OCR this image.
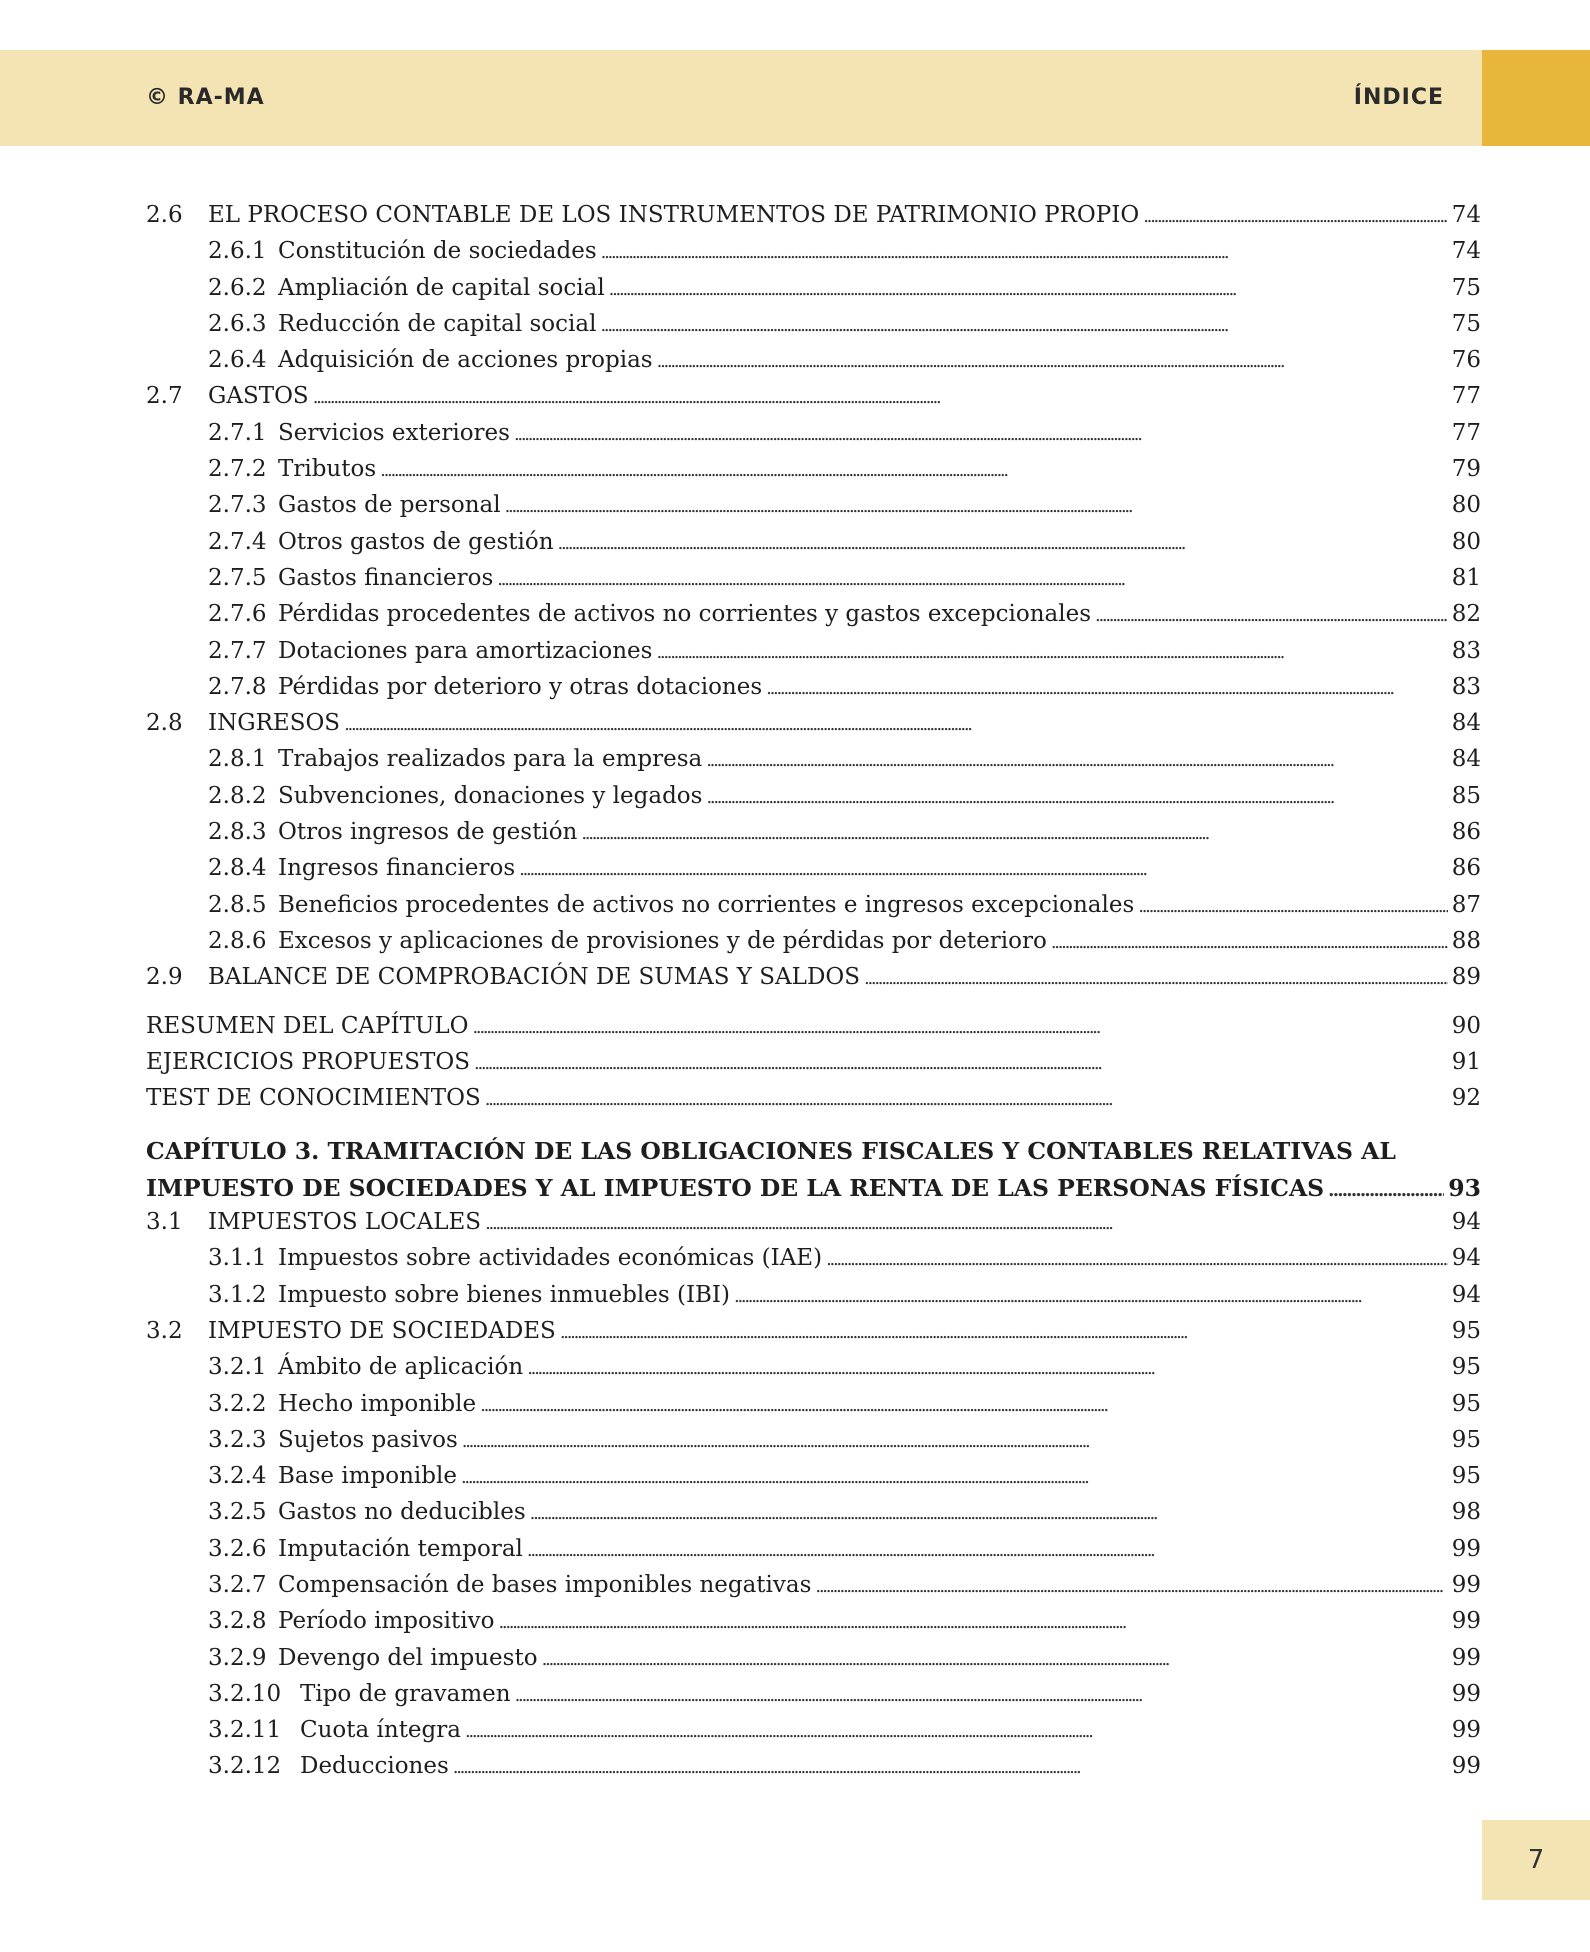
© RA-MA	ÍNDICE
2.6	EL PROCESO CONTABLE DE LOS INSTRUMENTOS DE PATRIMONIO PROPIO . . .	74
2.6.1 Constitución de sociedades . . .	74
2.6.2 Ampliación de capital social . . .	75
2.6.3 Reducción de capital social . . .	75
2.6.4 Adquisición de acciones propias . . .	76
2.7	GASTOS . . .	77
2.7.1 Servicios exteriores . . .	77
2.7.2 Tributos . . .	79
2.7.3 Gastos de personal . . .	80
2.7.4 Otros gastos de gestión . . .	80
2.7.5 Gastos financieros . . .	81
2.7.6 Pérdidas procedentes de activos no corrientes y gastos excepcionales . . .	82
2.7.7 Dotaciones para amortizaciones . . .	83
2.7.8 Pérdidas por deterioro y otras dotaciones . . .	83
2.8	INGRESOS . . .	84
2.8.1 Trabajos realizados para la empresa . . .	84
2.8.2 Subvenciones, donaciones y legados . . .	85
2.8.3 Otros ingresos de gestión . . .	86
2.8.4 Ingresos financieros . . .	86
2.8.5 Beneficios procedentes de activos no corrientes e ingresos excepcionales . . .	87
2.8.6 Excesos y aplicaciones de provisiones y de pérdidas por deterioro . . .	88
2.9	BALANCE DE COMPROBACIÓN DE SUMAS Y SALDOS . . .	89
RESUMEN DEL CAPÍTULO . . .	90
EJERCICIOS PROPUESTOS . . .	91
TEST DE CONOCIMIENTOS . . .	92
CAPÍTULO 3. TRAMITACIÓN DE LAS OBLIGACIONES FISCALES Y CONTABLES RELATIVAS AL
IMPUESTO DE SOCIEDADES Y AL IMPUESTO DE LA RENTA DE LAS PERSONAS FÍSICAS . . .	93
3.1	IMPUESTOS LOCALES . . .	94
3.1.1 Impuestos sobre actividades económicas (IAE) . . .	94
3.1.2 Impuesto sobre bienes inmuebles (IBI) . . .	94
3.2	IMPUESTO DE SOCIEDADES . . .	95
3.2.1 Ámbito de aplicación . . .	95
3.2.2 Hecho imponible . . .	95
3.2.3 Sujetos pasivos . . .	95
3.2.4 Base imponible . . .	95
3.2.5 Gastos no deducibles . . .	98
3.2.6 Imputación temporal . . .	99
3.2.7 Compensación de bases imponibles negativas . . .	99
3.2.8 Período impositivo . . .	99
3.2.9 Devengo del impuesto . . .	99
3.2.10 Tipo de gravamen . . .	99
3.2.11 Cuota íntegra . . .	99
3.2.12 Deducciones . . .	99
7
